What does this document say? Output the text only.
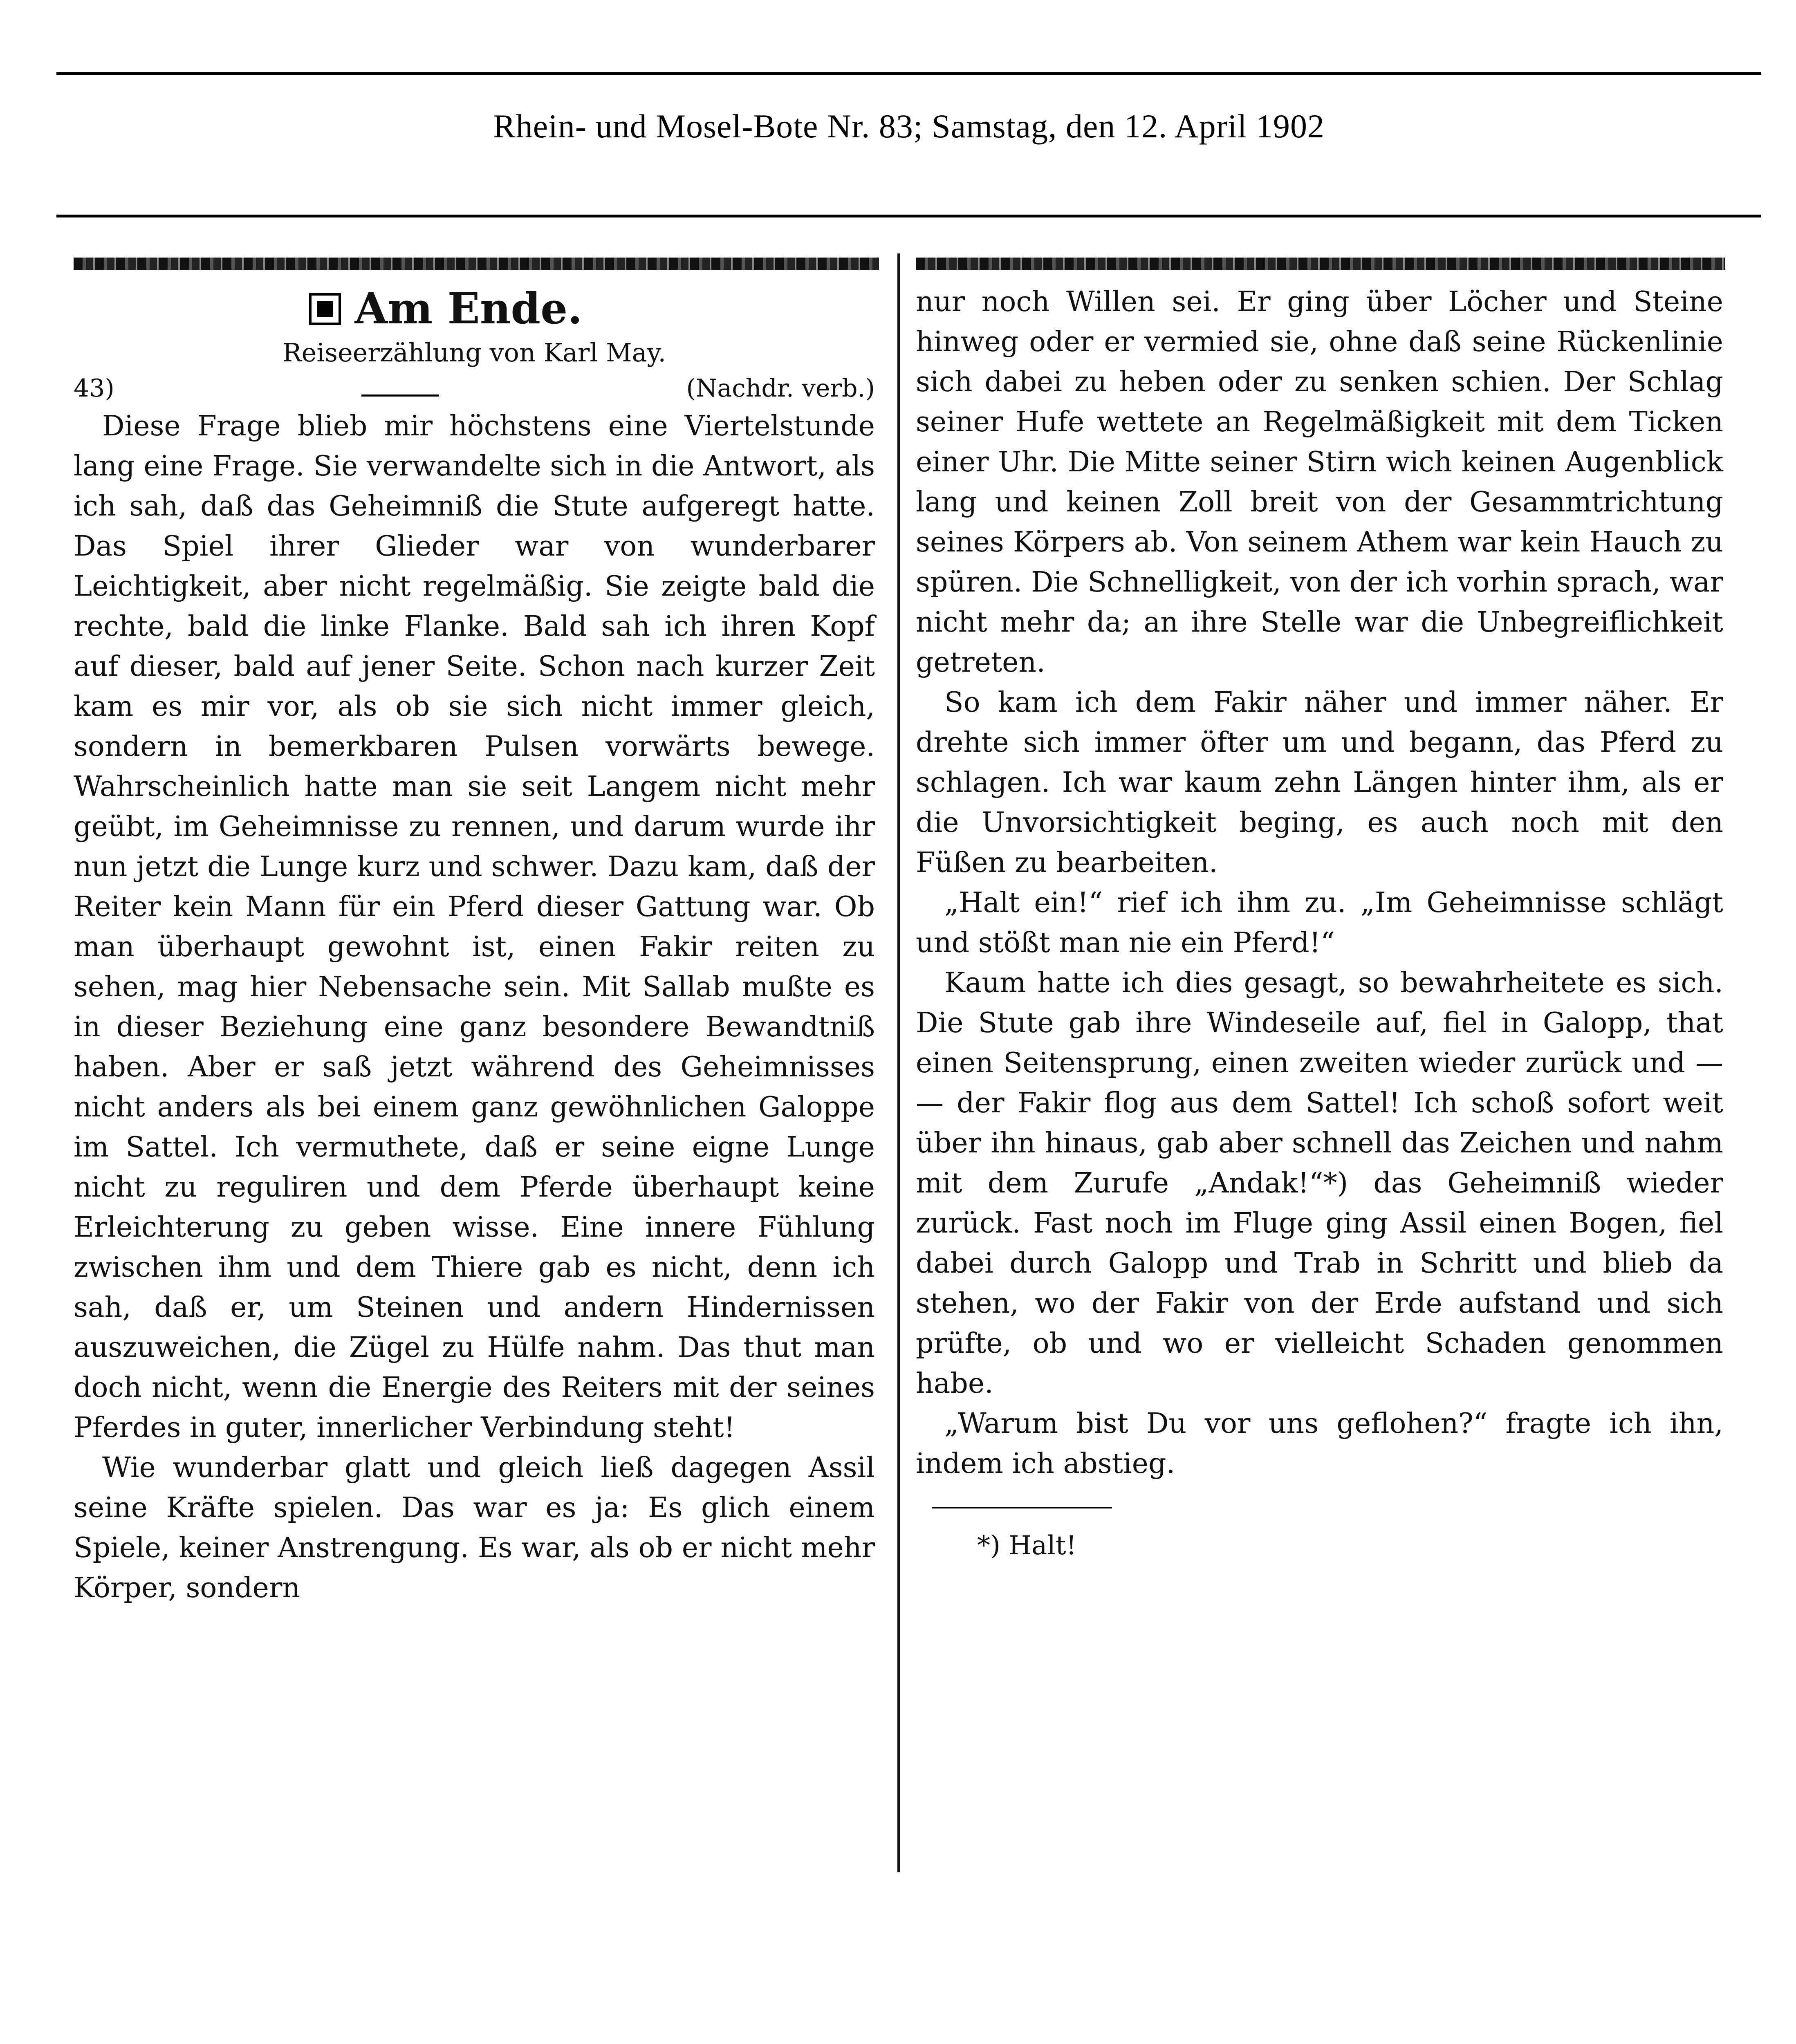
Rhein- und Mosel-Bote Nr. 83; Samstag, den 12. April 1902
Am Ende.
Reiseerzählung von Karl May.
43)	(Nachdr. verb.)

Diese Frage blieb mir höchstens eine Viertelstunde lang eine Frage. Sie verwandelte sich in die Antwort, als ich sah, daß das Geheimniß die Stute aufgeregt hatte. Das Spiel ihrer Glieder war von wunderbarer Leichtigkeit, aber nicht regelmäßig. Sie zeigte bald die rechte, bald die linke Flanke. Bald sah ich ihren Kopf auf dieser, bald auf jener Seite. Schon nach kurzer Zeit kam es mir vor, als ob sie sich nicht immer gleich, sondern in bemerkbaren Pulsen vorwärts bewege. Wahrscheinlich hatte man sie seit Langem nicht mehr geübt, im Geheimnisse zu rennen, und darum wurde ihr nun jetzt die Lunge kurz und schwer. Dazu kam, daß der Reiter kein Mann für ein Pferd dieser Gattung war. Ob man überhaupt gewohnt ist, einen Fakir reiten zu sehen, mag hier Nebensache sein. Mit Sallab mußte es in dieser Beziehung eine ganz besondere Bewandtniß haben. Aber er saß jetzt während des Geheimnisses nicht anders als bei einem ganz gewöhnlichen Galoppe im Sattel. Ich vermuthete, daß er seine eigne Lunge nicht zu reguliren und dem Pferde überhaupt keine Erleichterung zu geben wisse. Eine innere Fühlung zwischen ihm und dem Thiere gab es nicht, denn ich sah, daß er, um Steinen und andern Hindernissen auszuweichen, die Zügel zu Hülfe nahm. Das thut man doch nicht, wenn die Energie des Reiters mit der seines Pferdes in guter, innerlicher Verbindung steht!

Wie wunderbar glatt und gleich ließ dagegen Assil seine Kräfte spielen. Das war es ja: Es glich einem Spiele, keiner Anstrengung. Es war, als ob er nicht mehr Körper, sondern

nur noch Willen sei. Er ging über Löcher und Steine hinweg oder er vermied sie, ohne daß seine Rückenlinie sich dabei zu heben oder zu senken schien. Der Schlag seiner Hufe wettete an Regelmäßigkeit mit dem Ticken einer Uhr. Die Mitte seiner Stirn wich keinen Augenblick lang und keinen Zoll breit von der Gesammtrichtung seines Körpers ab. Von seinem Athem war kein Hauch zu spüren. Die Schnelligkeit, von der ich vorhin sprach, war nicht mehr da; an ihre Stelle war die Unbegreiflichkeit getreten.

So kam ich dem Fakir näher und immer näher. Er drehte sich immer öfter um und begann, das Pferd zu schlagen. Ich war kaum zehn Längen hinter ihm, als er die Unvorsichtigkeit beging, es auch noch mit den Füßen zu bearbeiten.

„Halt ein!“ rief ich ihm zu. „Im Geheimnisse schlägt und stößt man nie ein Pferd!“

Kaum hatte ich dies gesagt, so bewahrheitete es sich. Die Stute gab ihre Windeseile auf, fiel in Galopp, that einen Seitensprung, einen zweiten wieder zurück und — — der Fakir flog aus dem Sattel! Ich schoß sofort weit über ihn hinaus, gab aber schnell das Zeichen und nahm mit dem Zurufe „Andak!“*) das Geheimniß wieder zurück. Fast noch im Fluge ging Assil einen Bogen, fiel dabei durch Galopp und Trab in Schritt und blieb da stehen, wo der Fakir von der Erde aufstand und sich prüfte, ob und wo er vielleicht Schaden genommen habe.

„Warum bist Du vor uns geflohen?“ fragte ich ihn, indem ich abstieg.

*) Halt!
